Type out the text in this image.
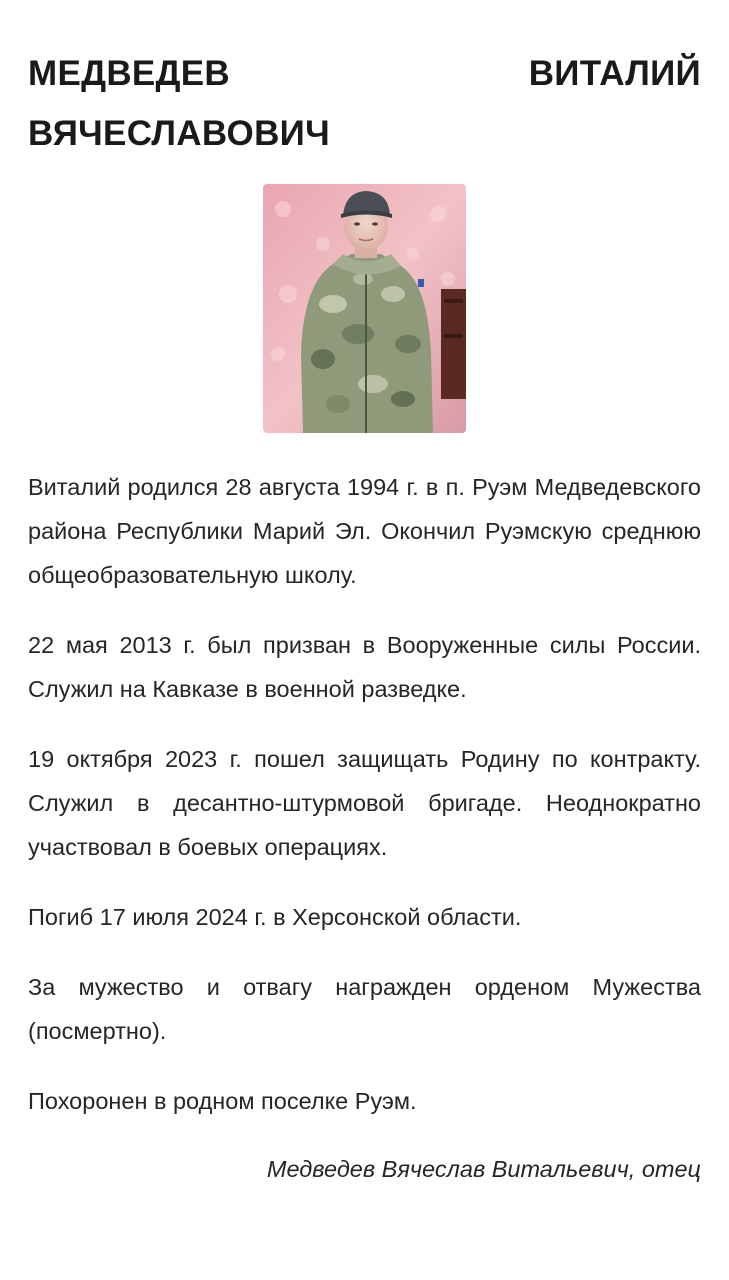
МЕДВЕДЕВ ВИТАЛИЙ ВЯЧЕСЛАВОВИЧ

Виталий родился 28 августа 1994 г. в п. Руэм Медведевского района Республики Марий Эл. Окончил Руэмскую среднюю общеобразовательную школу.

22 мая 2013 г. был призван в Вооруженные силы России. Служил на Кавказе в военной разведке.

19 октября 2023 г. пошел защищать Родину по контракту. Служил в десантно-штурмовой бригаде. Неоднократно участвовал в боевых операциях.

Погиб 17 июля 2024 г. в Херсонской области.

За мужество и отвагу награжден орденом Мужества (посмертно).

Похоронен в родном поселке Руэм.

Медведев Вячеслав Витальевич, отец
